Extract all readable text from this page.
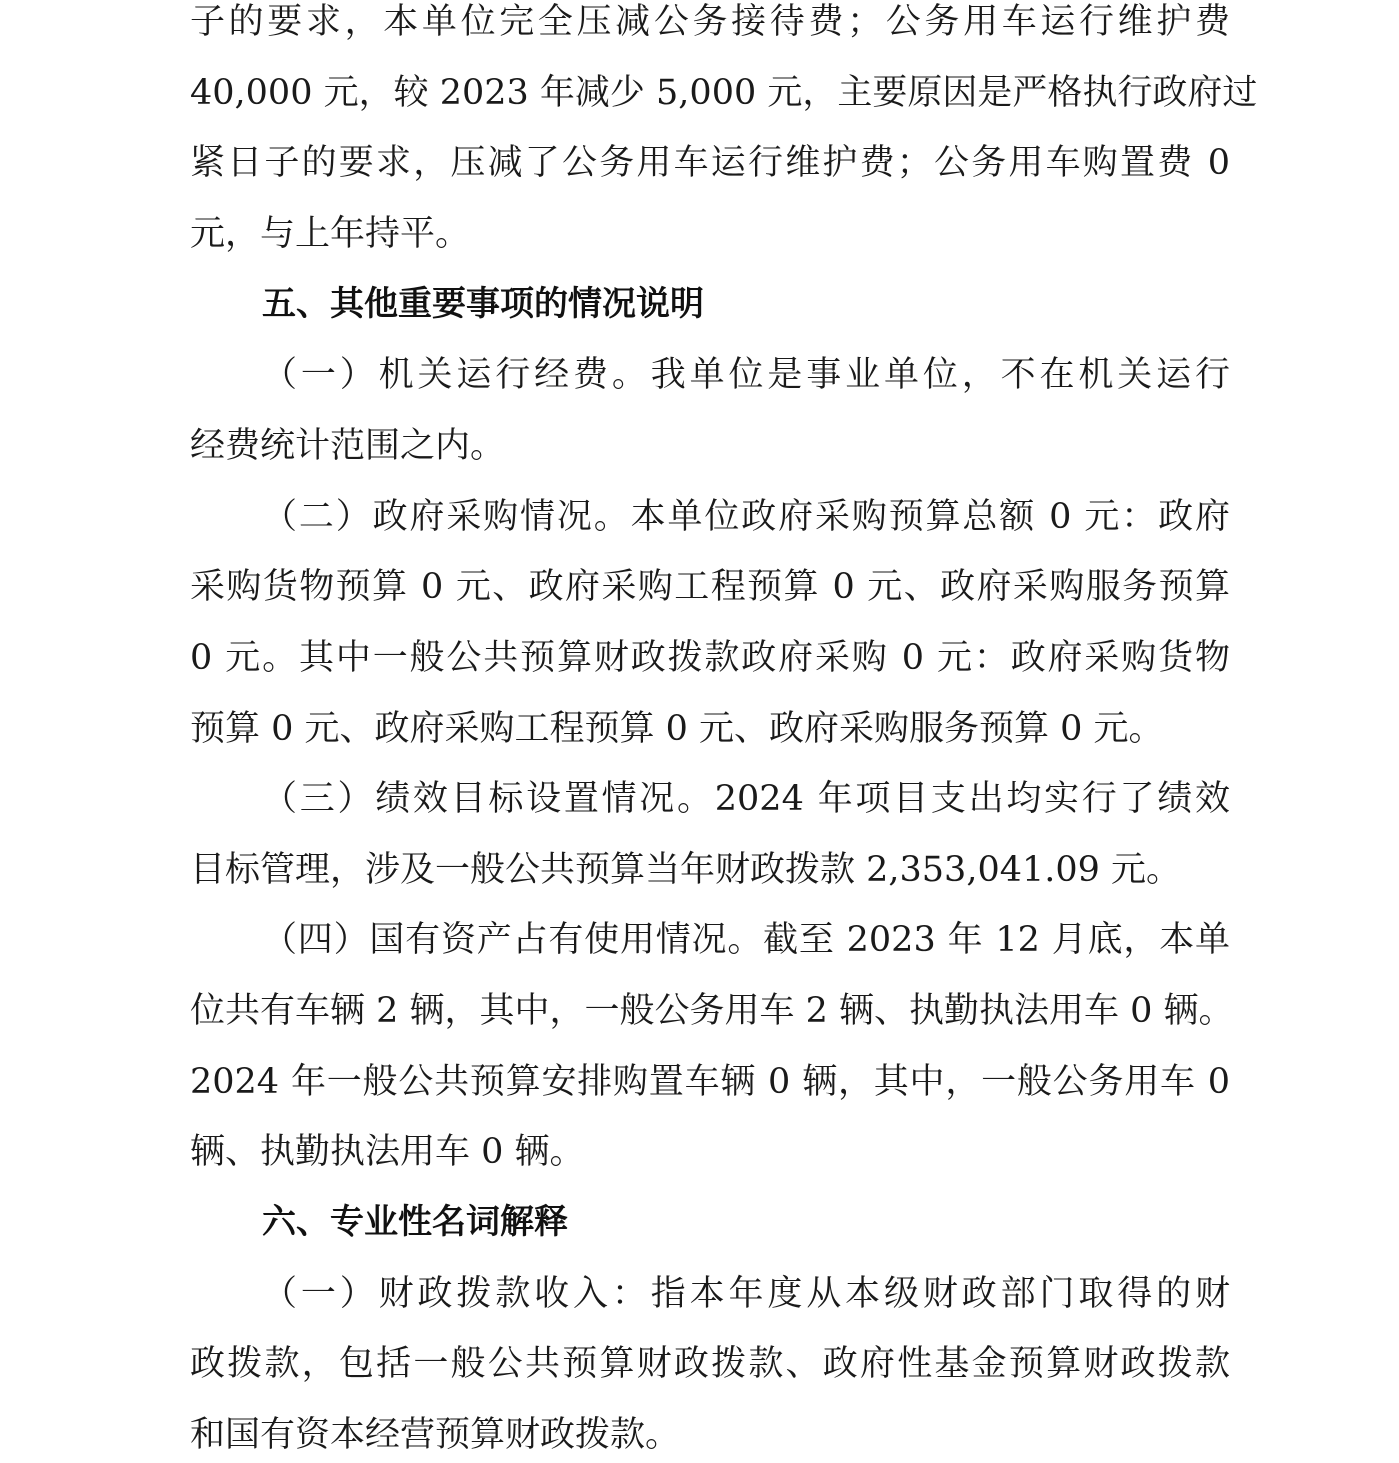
子的要求，本单位完全压减公务接待费；公务用车运行维护费
40,000 元，较 2023 年减少 5,000 元，主要原因是严格执行政府过
紧日子的要求，压减了公务用车运行维护费；公务用车购置费 0
元，与上年持平。
五、其他重要事项的情况说明
（一）机关运行经费。我单位是事业单位，不在机关运行
经费统计范围之内。
（二）政府采购情况。本单位政府采购预算总额 0 元：政府
采购货物预算 0 元、政府采购工程预算 0 元、政府采购服务预算
0 元。其中一般公共预算财政拨款政府采购 0 元：政府采购货物
预算 0 元、政府采购工程预算 0 元、政府采购服务预算 0 元。
（三）绩效目标设置情况。2024 年项目支出均实行了绩效
目标管理，涉及一般公共预算当年财政拨款 2,353,041.09 元。
（四）国有资产占有使用情况。截至 2023 年 12 月底，本单
位共有车辆 2 辆，其中，一般公务用车 2 辆、执勤执法用车 0 辆。
2024 年一般公共预算安排购置车辆 0 辆，其中，一般公务用车 0
辆、执勤执法用车 0 辆。
六、专业性名词解释
（一）财政拨款收入：指本年度从本级财政部门取得的财
政拨款，包括一般公共预算财政拨款、政府性基金预算财政拨款
和国有资本经营预算财政拨款。
